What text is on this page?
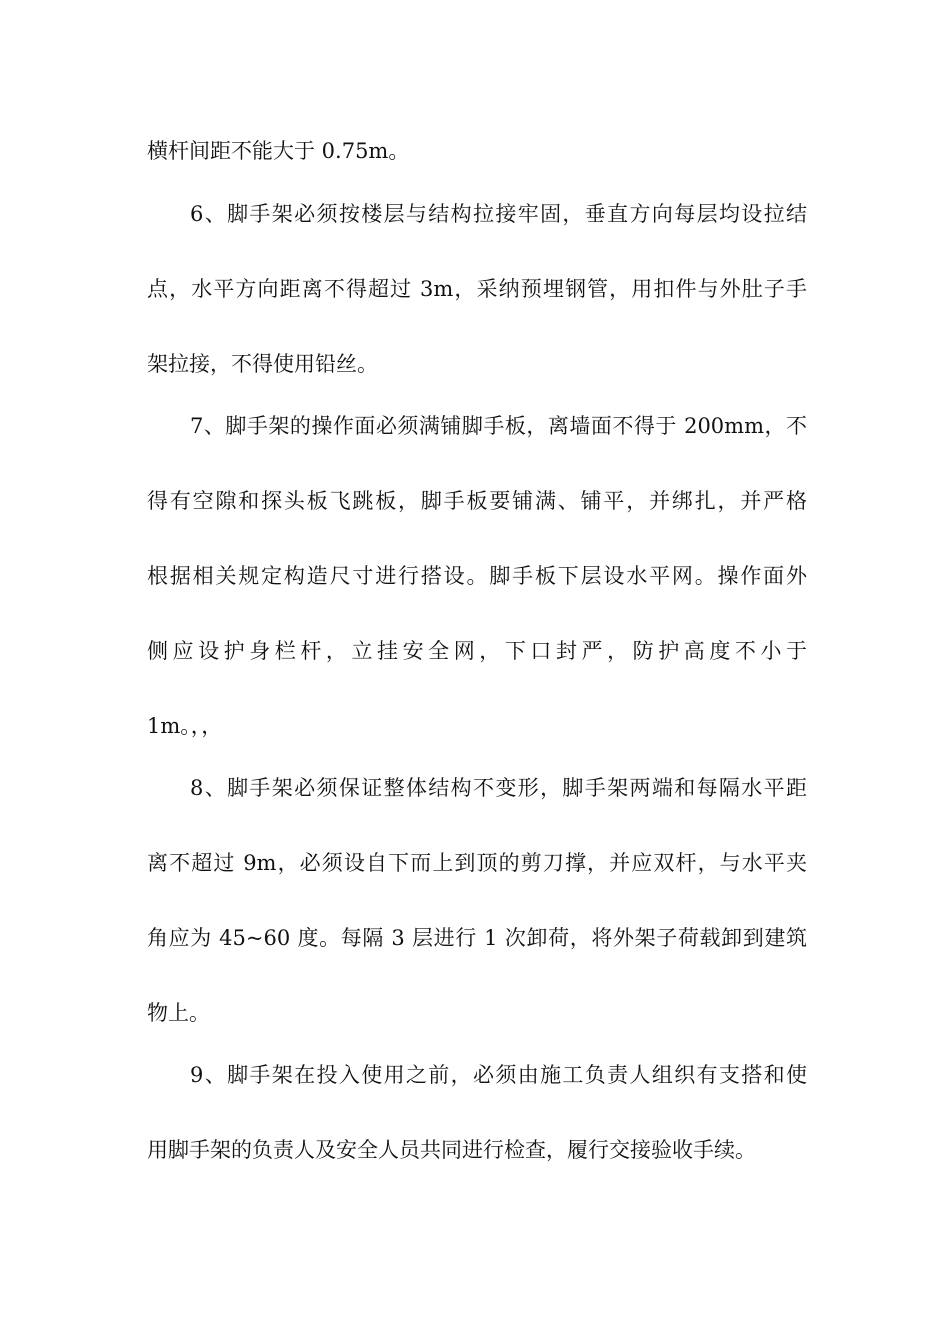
横杆间距不能大于 0.75m。
6、脚手架必须按楼层与结构拉接牢固，垂直方向每层均设拉结
点，水平方向距离不得超过 3m，采纳预埋钢管，用扣件与外肚子手
架拉接，不得使用铅丝。
7、脚手架的操作面必须满铺脚手板，离墙面不得于 200mm，不
得有空隙和探头板飞跳板，脚手板要铺满、铺平，并绑扎，并严格
根据相关规定构造尺寸进行搭设。脚手板下层设水平网。操作面外
侧应设护身栏杆，立挂安全网，下口封严，防护高度不小于
1m。，，
8、脚手架必须保证整体结构不变形，脚手架两端和每隔水平距
离不超过 9m，必须设自下而上到顶的剪刀撑，并应双杆，与水平夹
角应为 45~60 度。每隔 3 层进行 1 次卸荷，将外架子荷载卸到建筑
物上。
9、脚手架在投入使用之前，必须由施工负责人组织有支搭和使
用脚手架的负责人及安全人员共同进行检查，履行交接验收手续。
